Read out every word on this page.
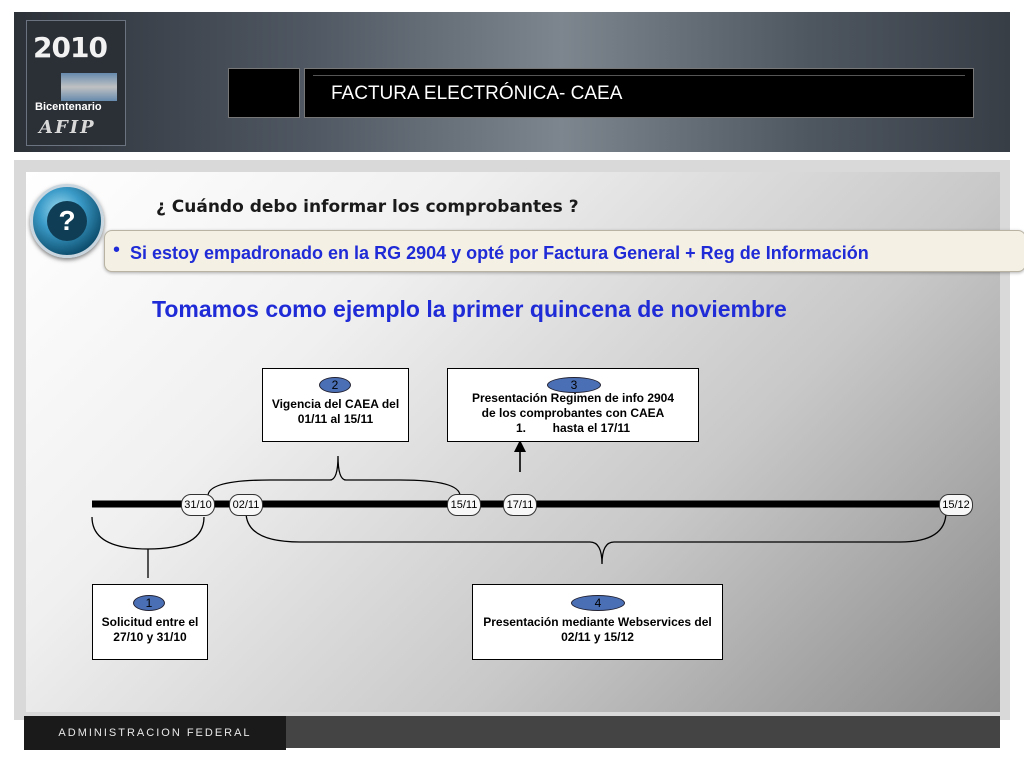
2010
Bicentenario
AFIP
FACTURA ELECTRÓNICA- CAEA
?	¿ Cuándo debo informar los comprobantes ?
• Si estoy empadronado en la RG 2904 y opté por Factura General + Reg de Información
Tomamos como ejemplo la primer quincena de noviembre
31/10	02/11	15/11	17/11	15/12
2
Vigencia del CAEA del
01/11 al 15/11
3
Presentación Regimen de info 2904
de los comprobantes con CAEA
1.        hasta el 17/11
1
Solicitud entre el
27/10 y 31/10
4
Presentación mediante Webservices del
02/11 y 15/12
ADMINISTRACION FEDERAL
